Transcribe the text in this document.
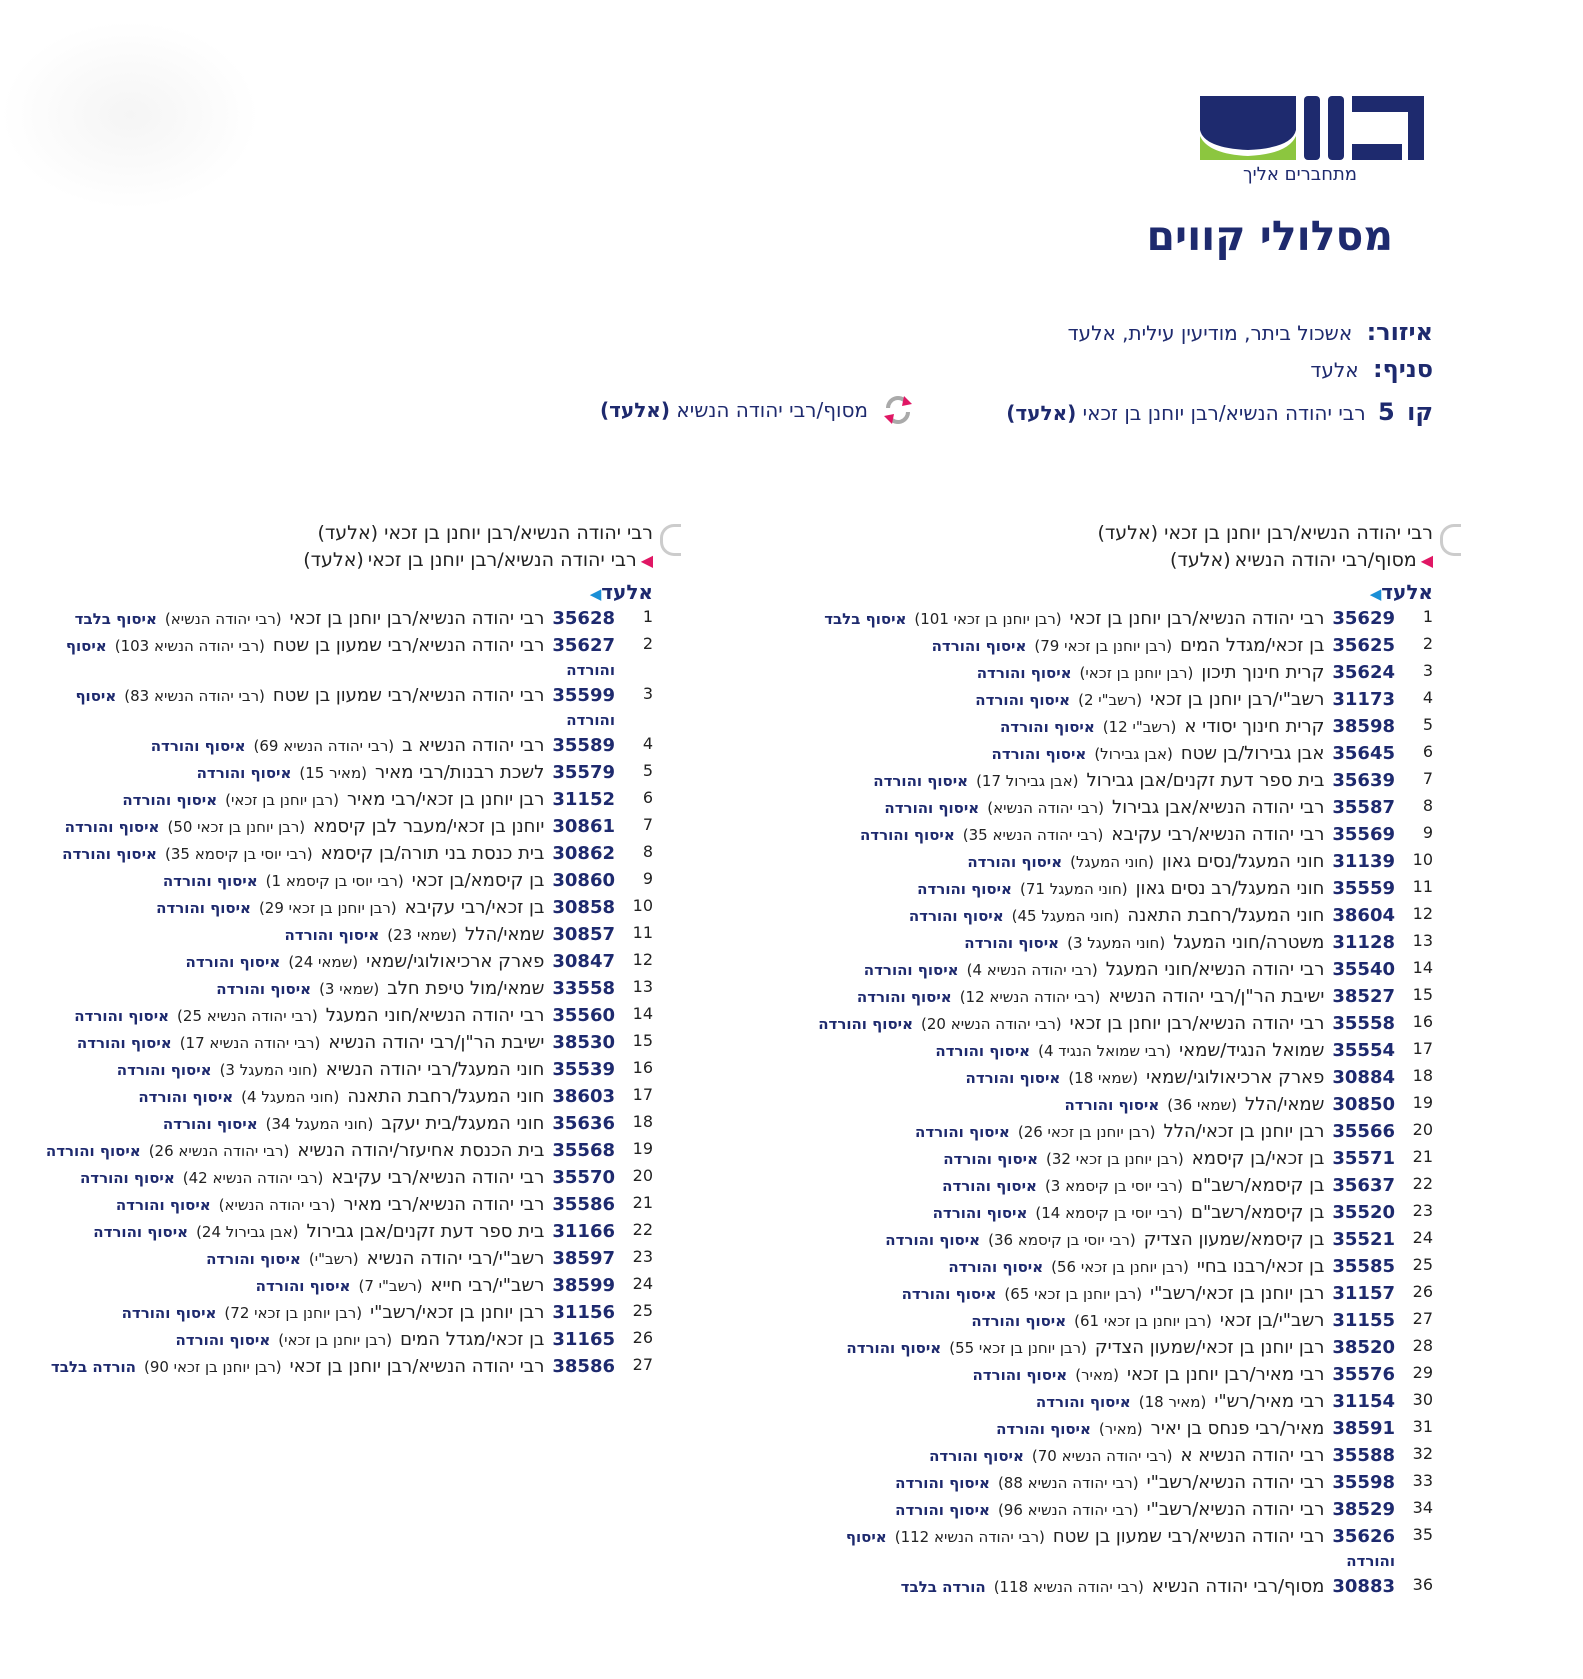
מתחברים אליך
מסלולי קווים
איזור: אשכול ביתר, מודיעין עילית, אלעד
סניף: אלעד
קו 5 רבי יהודה הנשיא/רבן יוחנן בן זכאי (אלעד)
מסוף/רבי יהודה הנשיא (אלעד)
רבי יהודה הנשיא/רבן יוחנן בן זכאי (אלעד)
◀
מסוף/רבי יהודה הנשיא
(אלעד)
אלעד◀
1
35629רבי יהודה הנשיא/רבן יוחנן בן זכאי(רבן יוחנן בן זכאי 101)איסוף בלבד
2
35625בן זכאי/מגדל המים(רבן יוחנן בן זכאי 79)איסוף והורדה
3
35624קרית חינוך תיכון(רבן יוחנן בן זכאי)איסוף והורדה
4
31173רשב"י/רבן יוחנן בן זכאי(רשב"י 2)איסוף והורדה
5
38598קרית חינוך יסודי א(רשב"י 12)איסוף והורדה
6
35645אבן גבירול/בן שטח(אבן גבירול)איסוף והורדה
7
35639בית ספר דעת זקנים/אבן גבירול(אבן גבירול 17)איסוף והורדה
8
35587רבי יהודה הנשיא/אבן גבירול(רבי יהודה הנשיא)איסוף והורדה
9
35569רבי יהודה הנשיא/רבי עקיבא(רבי יהודה הנשיא 35)איסוף והורדה
10
31139חוני המעגל/נסים גאון(חוני המעגל)איסוף והורדה
11
35559חוני המעגל/רב נסים גאון(חוני המעגל 71)איסוף והורדה
12
38604חוני המעגל/רחבת התאנה(חוני המעגל 45)איסוף והורדה
13
31128משטרה/חוני המעגל(חוני המעגל 3)איסוף והורדה
14
35540רבי יהודה הנשיא/חוני המעגל(רבי יהודה הנשיא 4)איסוף והורדה
15
38527ישיבת הר"ן/רבי יהודה הנשיא(רבי יהודה הנשיא 12)איסוף והורדה
16
35558רבי יהודה הנשיא/רבן יוחנן בן זכאי(רבי יהודה הנשיא 20)איסוף והורדה
17
35554שמואל הנגיד/שמאי(רבי שמואל הנגיד 4)איסוף והורדה
18
30884פארק ארכיאולוגי/שמאי(שמאי 18)איסוף והורדה
19
30850שמאי/הלל(שמאי 36)איסוף והורדה
20
35566רבן יוחנן בן זכאי/הלל(רבן יוחנן בן זכאי 26)איסוף והורדה
21
35571בן זכאי/בן קיסמא(רבן יוחנן בן זכאי 32)איסוף והורדה
22
35637בן קיסמא/רשב"ם(רבי יוסי בן קיסמא 3)איסוף והורדה
23
35520בן קיסמא/רשב"ם(רבי יוסי בן קיסמא 14)איסוף והורדה
24
35521בן קיסמא/שמעון הצדיק(רבי יוסי בן קיסמא 36)איסוף והורדה
25
35585בן זכאי/רבנו בחיי(רבן יוחנן בן זכאי 56)איסוף והורדה
26
31157רבן יוחנן בן זכאי/רשב"י(רבן יוחנן בן זכאי 65)איסוף והורדה
27
31155רשב"י/בן זכאי(רבן יוחנן בן זכאי 61)איסוף והורדה
28
38520רבן יוחנן בן זכאי/שמעון הצדיק(רבן יוחנן בן זכאי 55)איסוף והורדה
29
35576רבי מאיר/רבן יוחנן בן זכאי(מאיר)איסוף והורדה
30
31154רבי מאיר/רש"י(מאיר 18)איסוף והורדה
31
38591מאיר/רבי פנחס בן יאיר(מאיר)איסוף והורדה
32
35588רבי יהודה הנשיא א(רבי יהודה הנשיא 70)איסוף והורדה
33
35598רבי יהודה הנשיא/רשב"י(רבי יהודה הנשיא 88)איסוף והורדה
34
38529רבי יהודה הנשיא/רשב"י(רבי יהודה הנשיא 96)איסוף והורדה
35
35626רבי יהודה הנשיא/רבי שמעון בן שטח(רבי יהודה הנשיא 112)איסוף והורדה
36
30883מסוף/רבי יהודה הנשיא(רבי יהודה הנשיא 118)הורדה בלבד
רבי יהודה הנשיא/רבן יוחנן בן זכאי (אלעד)
◀
רבי יהודה הנשיא/רבן יוחנן בן זכאי
(אלעד)
אלעד◀
1
35628רבי יהודה הנשיא/רבן יוחנן בן זכאי(רבי יהודה הנשיא)איסוף בלבד
2
35627רבי יהודה הנשיא/רבי שמעון בן שטח(רבי יהודה הנשיא 103)איסוף והורדה
3
35599רבי יהודה הנשיא/רבי שמעון בן שטח(רבי יהודה הנשיא 83)איסוף והורדה
4
35589רבי יהודה הנשיא ב(רבי יהודה הנשיא 69)איסוף והורדה
5
35579לשכת רבנות/רבי מאיר(מאיר 15)איסוף והורדה
6
31152רבן יוחנן בן זכאי/רבי מאיר(רבן יוחנן בן זכאי)איסוף והורדה
7
30861יוחנן בן זכאי/מעבר לבן קיסמא(רבן יוחנן בן זכאי 50)איסוף והורדה
8
30862בית כנסת בני תורה/בן קיסמא(רבי יוסי בן קיסמא 35)איסוף והורדה
9
30860בן קיסמא/בן זכאי(רבי יוסי בן קיסמא 1)איסוף והורדה
10
30858בן זכאי/רבי עקיבא(רבן יוחנן בן זכאי 29)איסוף והורדה
11
30857שמאי/הלל(שמאי 23)איסוף והורדה
12
30847פארק ארכיאולוגי/שמאי(שמאי 24)איסוף והורדה
13
33558שמאי/מול טיפת חלב(שמאי 3)איסוף והורדה
14
35560רבי יהודה הנשיא/חוני המעגל(רבי יהודה הנשיא 25)איסוף והורדה
15
38530ישיבת הר"ן/רבי יהודה הנשיא(רבי יהודה הנשיא 17)איסוף והורדה
16
35539חוני המעגל/רבי יהודה הנשיא(חוני המעגל 3)איסוף והורדה
17
38603חוני המעגל/רחבת התאנה(חוני המעגל 4)איסוף והורדה
18
35636חוני המעגל/בית יעקב(חוני המעגל 34)איסוף והורדה
19
35568בית הכנסת אחיעזר/יהודה הנשיא(רבי יהודה הנשיא 26)איסוף והורדה
20
35570רבי יהודה הנשיא/רבי עקיבא(רבי יהודה הנשיא 42)איסוף והורדה
21
35586רבי יהודה הנשיא/רבי מאיר(רבי יהודה הנשיא)איסוף והורדה
22
31166בית ספר דעת זקנים/אבן גבירול(אבן גבירול 24)איסוף והורדה
23
38597רשב"י/רבי יהודה הנשיא(רשב"י)איסוף והורדה
24
38599רשב"י/רבי חייא(רשב"י 7)איסוף והורדה
25
31156רבן יוחנן בן זכאי/רשב"י(רבן יוחנן בן זכאי 72)איסוף והורדה
26
31165בן זכאי/מגדל המים(רבן יוחנן בן זכאי)איסוף והורדה
27
38586רבי יהודה הנשיא/רבן יוחנן בן זכאי(רבן יוחנן בן זכאי 90)הורדה בלבד
